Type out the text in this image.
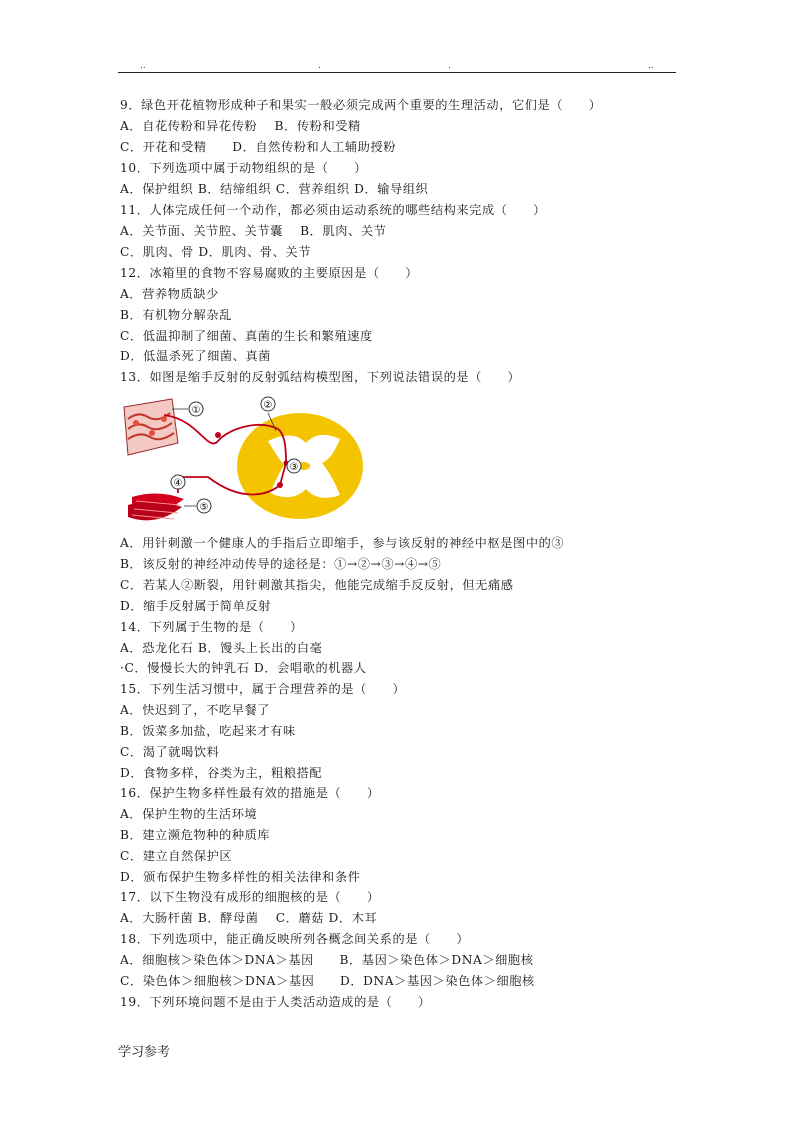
..	.	.	..
9．绿色开花植物形成种子和果实一般必须完成两个重要的生理活动，它们是（　　）
A．自花传粉和异花传粉　 B．传粉和受精
C．开花和受精　　D．自然传粉和人工辅助授粉
10．下列选项中属于动物组织的是（　　）
A．保护组织 B．结缔组织 C．营养组织 D．输导组织
11．人体完成任何一个动作，都必须由运动系统的哪些结构来完成（　　）
A．关节面、关节腔、关节囊　 B．肌肉、关节
C．肌肉、骨 D．肌肉、骨、关节
12．冰箱里的食物不容易腐败的主要原因是（　　）
A．营养物质缺少
B．有机物分解杂乱
C．低温抑制了细菌、真菌的生长和繁殖速度
D．低温杀死了细菌、真菌
13．如图是缩手反射的反射弧结构模型图，下列说法错误的是（　　）
①	②
③
④
⑤
A．用针刺激一个健康人的手指后立即缩手，参与该反射的神经中枢是图中的③
B．该反射的神经冲动传导的途径是：①→②→③→④→⑤
C．若某人②断裂，用针刺激其指尖，他能完成缩手反反射，但无痛感
D．缩手反射属于简单反射
14．下列属于生物的是（　　）
A．恐龙化石 B．馒头上长出的白毫
·C．慢慢长大的钟乳石 D．会唱歌的机器人
15．下列生活习惯中，属于合理营养的是（　　）
A．快迟到了，不吃早餐了
B．饭菜多加盐，吃起来才有味
C．渴了就喝饮料
D．食物多样，谷类为主，粗粮搭配
16．保护生物多样性最有效的措施是（　　）
A．保护生物的生活环境
B．建立濒危物种的种质库
C．建立自然保护区
D．颁布保护生物多样性的相关法律和条件
17．以下生物没有成形的细胞核的是（　　）
A．大肠杆菌 B．酵母菌　 C．蘑菇 D．木耳
18．下列选项中，能正确反映所列各概念间关系的是（　　）
A．细胞核＞染色体＞DNA＞基因　　B．基因＞染色体＞DNA＞细胞核
C．染色体＞细胞核＞DNA＞基因　　D．DNA＞基因＞染色体＞细胞核
19．下列环境问题不是由于人类活动造成的是（　　）
学习参考
